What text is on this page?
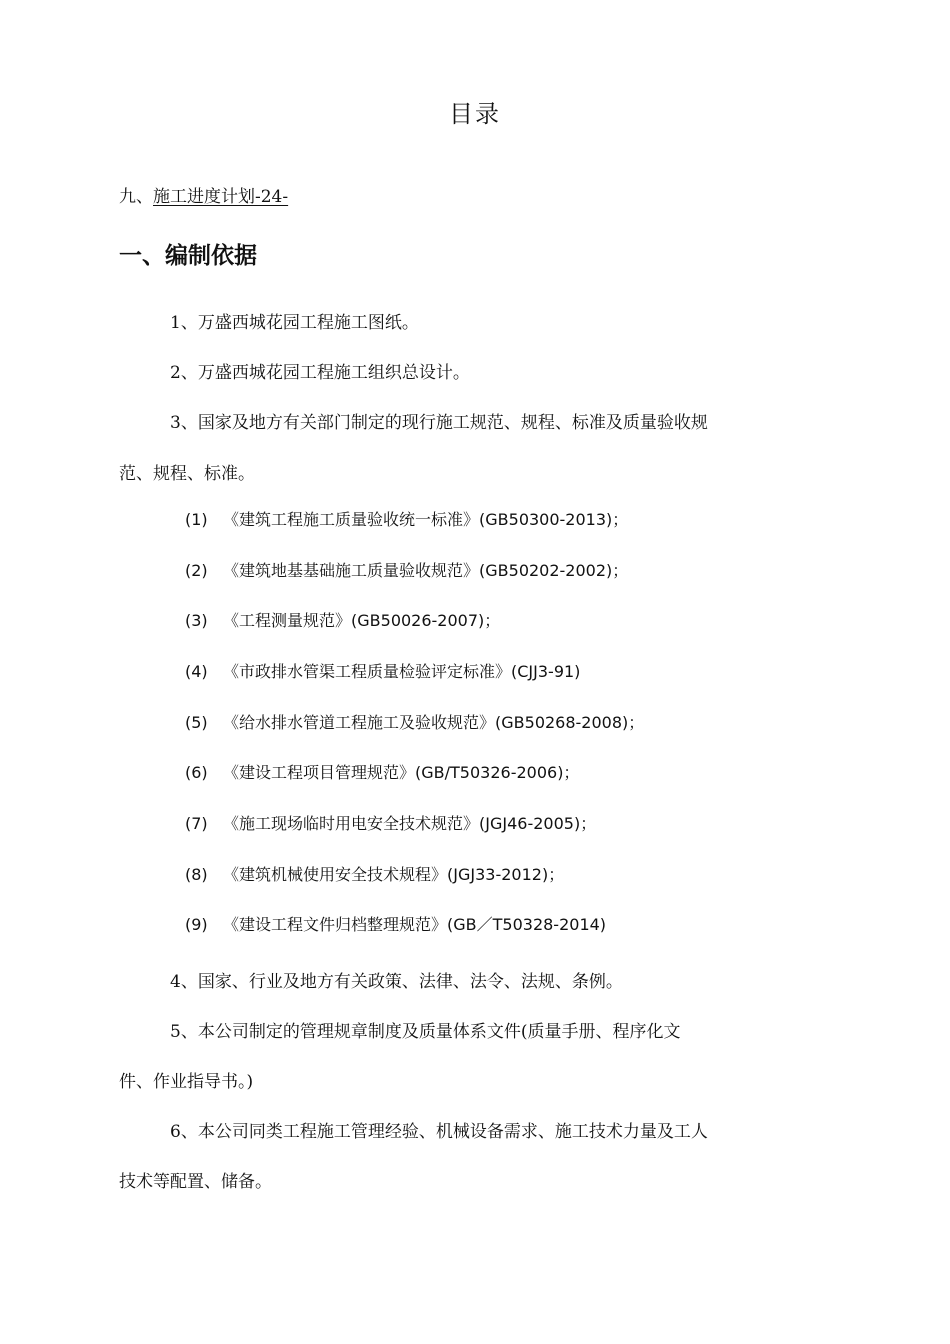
目录
九、施工进度计划-24-
一、编制依据
1、万盛西城花园工程施工图纸。
2、万盛西城花园工程施工组织总设计。
3、国家及地方有关部门制定的现行施工规范、规程、标准及质量验收规
范、规程、标准。
(1) 《建筑工程施工质量验收统一标准》(GB50300-2013)；
(2) 《建筑地基基础施工质量验收规范》(GB50202-2002)；
(3) 《工程测量规范》(GB50026-2007)；
(4) 《市政排水管渠工程质量检验评定标准》(CJJ3-91)
(5) 《给水排水管道工程施工及验收规范》(GB50268-2008)；
(6) 《建设工程项目管理规范》(GB/T50326-2006)；
(7) 《施工现场临时用电安全技术规范》(JGJ46-2005)；
(8) 《建筑机械使用安全技术规程》(JGJ33-2012)；
(9) 《建设工程文件归档整理规范》(GB／T50328-2014)
4、国家、行业及地方有关政策、法律、法令、法规、条例。
5、本公司制定的管理规章制度及质量体系文件(质量手册、程序化文
件、作业指导书。)
6、本公司同类工程施工管理经验、机械设备需求、施工技术力量及工人
技术等配置、储备。
